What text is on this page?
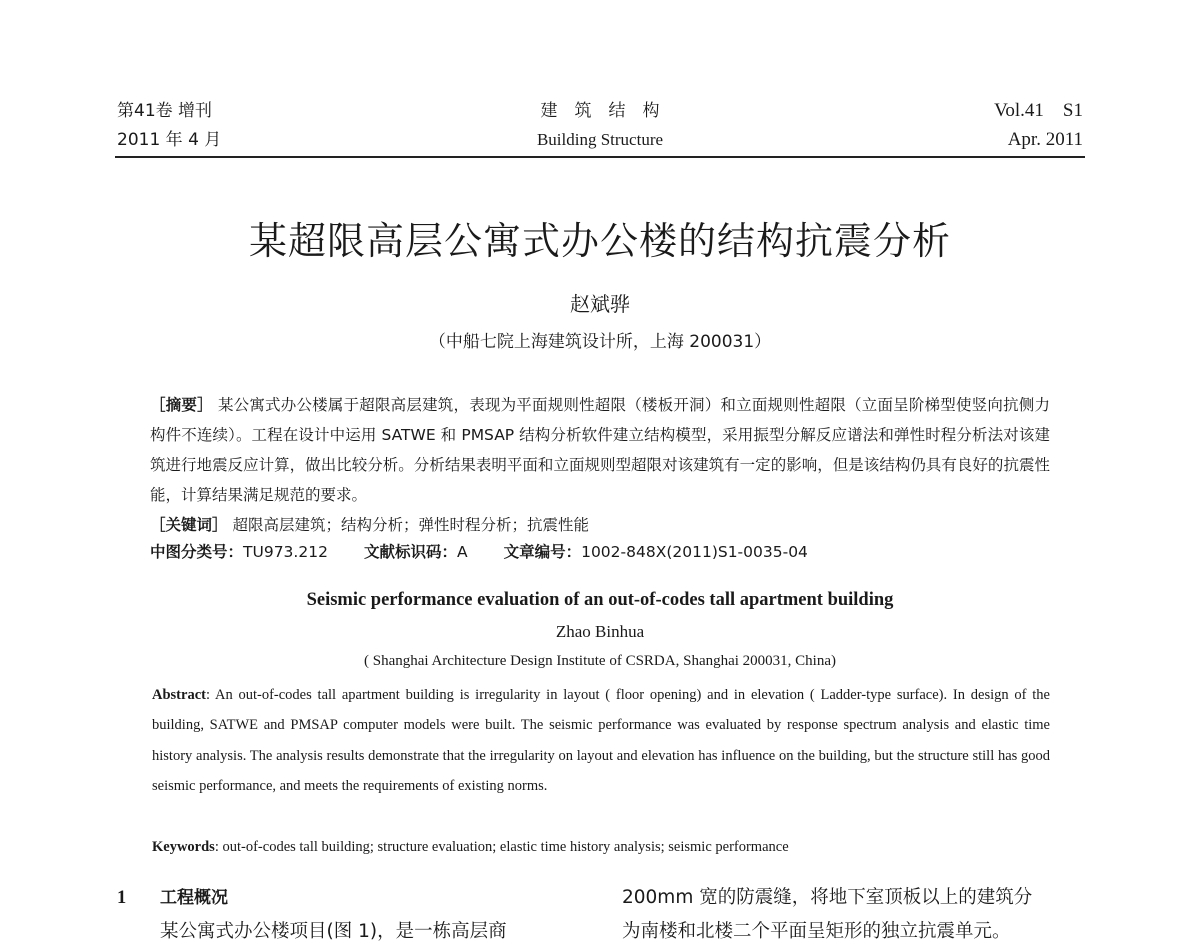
第41卷 增刊
2011 年 4 月
建　筑　结　构
Building Structure
Vol.41　S1
Apr. 2011
某超限高层公寓式办公楼的结构抗震分析
赵斌骅
（中船七院上海建筑设计所，上海 200031）
［摘要］ 某公寓式办公楼属于超限高层建筑，表现为平面规则性超限（楼板开洞）和立面规则性超限（立面呈阶梯型使竖向抗侧力构件不连续）。工程在设计中运用 SATWE 和 PMSAP 结构分析软件建立结构模型，采用振型分解反应谱法和弹性时程分析法对该建筑进行地震反应计算，做出比较分析。分析结果表明平面和立面规则型超限对该建筑有一定的影响，但是该结构仍具有良好的抗震性能，计算结果满足规范的要求。
［关键词］ 超限高层建筑；结构分析；弹性时程分析；抗震性能
中图分类号：TU973.212 文献标识码：A 文章编号：1002-848X(2011)S1-0035-04
Seismic performance evaluation of an out-of-codes tall apartment building
Zhao Binhua
( Shanghai Architecture Design Institute of CSRDA, Shanghai 200031, China)
Abstract: An out-of-codes tall apartment building is irregularity in layout ( floor opening) and in elevation ( Ladder-type surface). In design of the building, SATWE and PMSAP computer models were built. The seismic performance was evaluated by response spectrum analysis and elastic time history analysis. The analysis results demonstrate that the irregularity on layout and elevation has influence on the building, but the structure still has good seismic performance, and meets the requirements of existing norms.
Keywords: out-of-codes tall building; structure evaluation; elastic time history analysis; seismic performance
1 工程概况
某公寓式办公楼项目(图 1)，是一栋高层商
200mm 宽的防震缝，将地下室顶板以上的建筑分
为南楼和北楼二个平面呈矩形的独立抗震单元。
